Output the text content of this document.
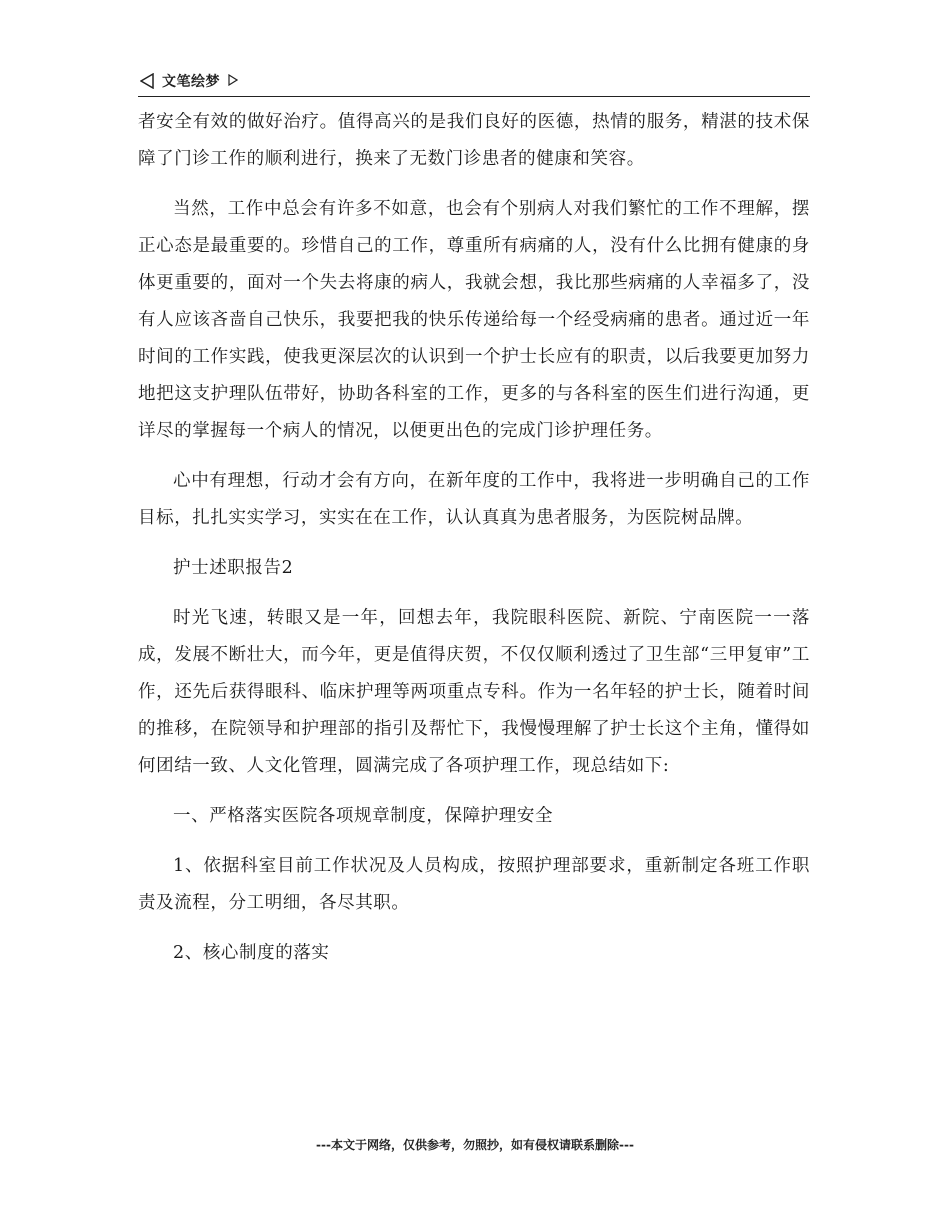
文笔绘梦

者安全有效的做好治疗。值得高兴的是我们良好的医德，热情的服务，精湛的技术保障了门诊工作的顺利进行，换来了无数门诊患者的健康和笑容。

当然，工作中总会有许多不如意，也会有个别病人对我们繁忙的工作不理解，摆正心态是最重要的。珍惜自己的工作，尊重所有病痛的人，没有什么比拥有健康的身体更重要的，面对一个失去将康的病人，我就会想，我比那些病痛的人幸福多了，没有人应该吝啬自己快乐，我要把我的快乐传递给每一个经受病痛的患者。通过近一年时间的工作实践，使我更深层次的认识到一个护士长应有的职责，以后我要更加努力地把这支护理队伍带好，协助各科室的工作，更多的与各科室的医生们进行沟通，更详尽的掌握每一个病人的情况，以便更出色的完成门诊护理任务。

心中有理想，行动才会有方向，在新年度的工作中，我将进一步明确自己的工作目标，扎扎实实学习，实实在在工作，认认真真为患者服务，为医院树品牌。

护士述职报告2

时光飞速，转眼又是一年，回想去年，我院眼科医院、新院、宁南医院一一落成，发展不断壮大，而今年，更是值得庆贺，不仅仅顺利透过了卫生部“三甲复审”工作，还先后获得眼科、临床护理等两项重点专科。作为一名年轻的护士长，随着时间的推移，在院领导和护理部的指引及帮忙下，我慢慢理解了护士长这个主角，懂得如何团结一致、人文化管理，圆满完成了各项护理工作，现总结如下:

一、严格落实医院各项规章制度，保障护理安全

1、依据科室目前工作状况及人员构成，按照护理部要求，重新制定各班工作职责及流程，分工明细，各尽其职。

2、核心制度的落实

---本文于网络，仅供参考，勿照抄，如有侵权请联系删除---
